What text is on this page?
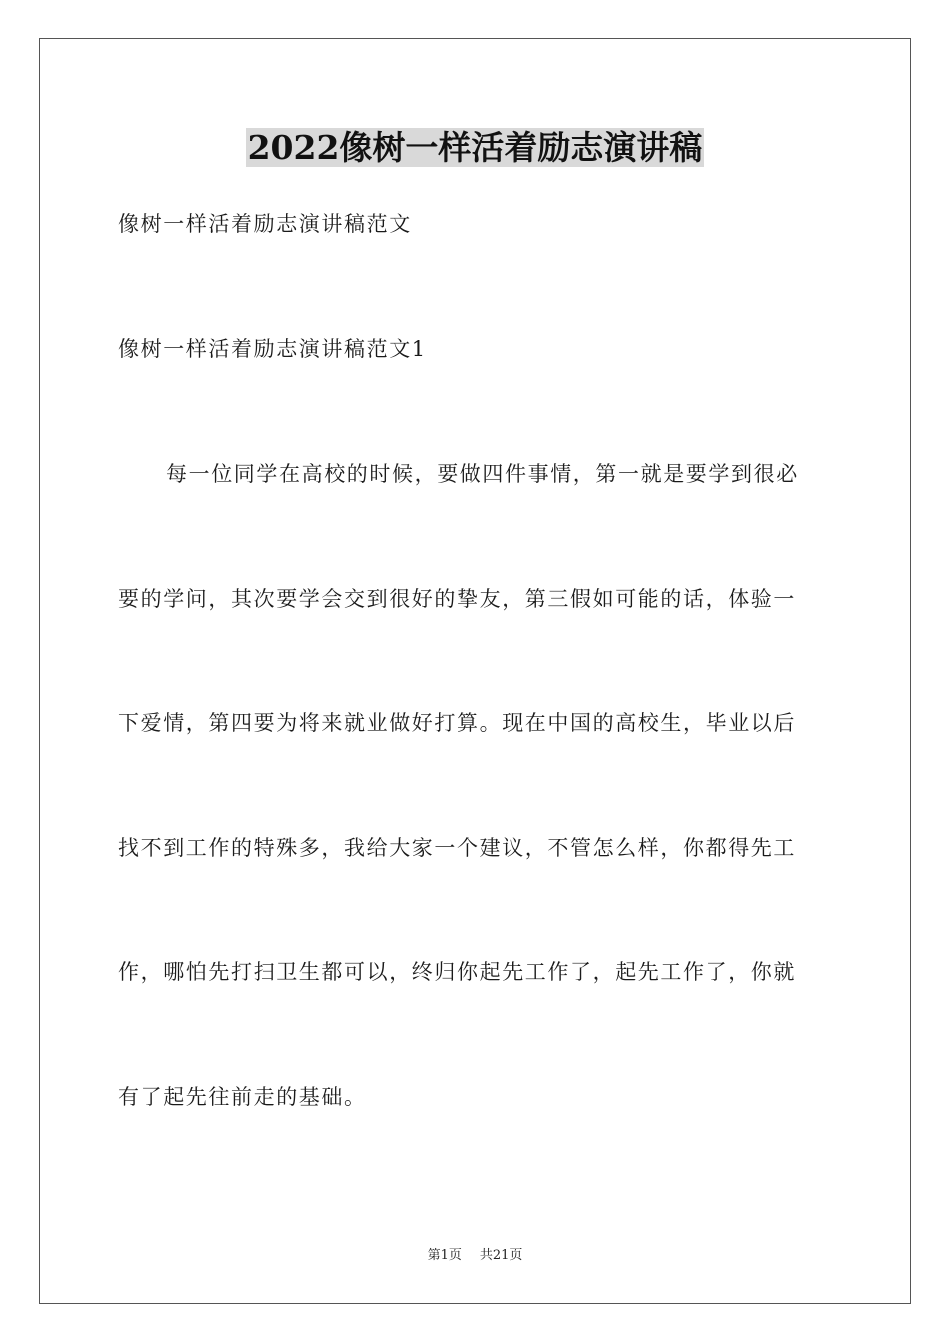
2022像树一样活着励志演讲稿
像树一样活着励志演讲稿范文
像树一样活着励志演讲稿范文1
每一位同学在高校的时候，要做四件事情，第一就是要学到很必
要的学问，其次要学会交到很好的挚友，第三假如可能的话，体验一
下爱情，第四要为将来就业做好打算。现在中国的高校生，毕业以后
找不到工作的特殊多，我给大家一个建议，不管怎么样，你都得先工
作，哪怕先打扫卫生都可以，终归你起先工作了，起先工作了，你就
有了起先往前走的基础。
第1页 共21页
